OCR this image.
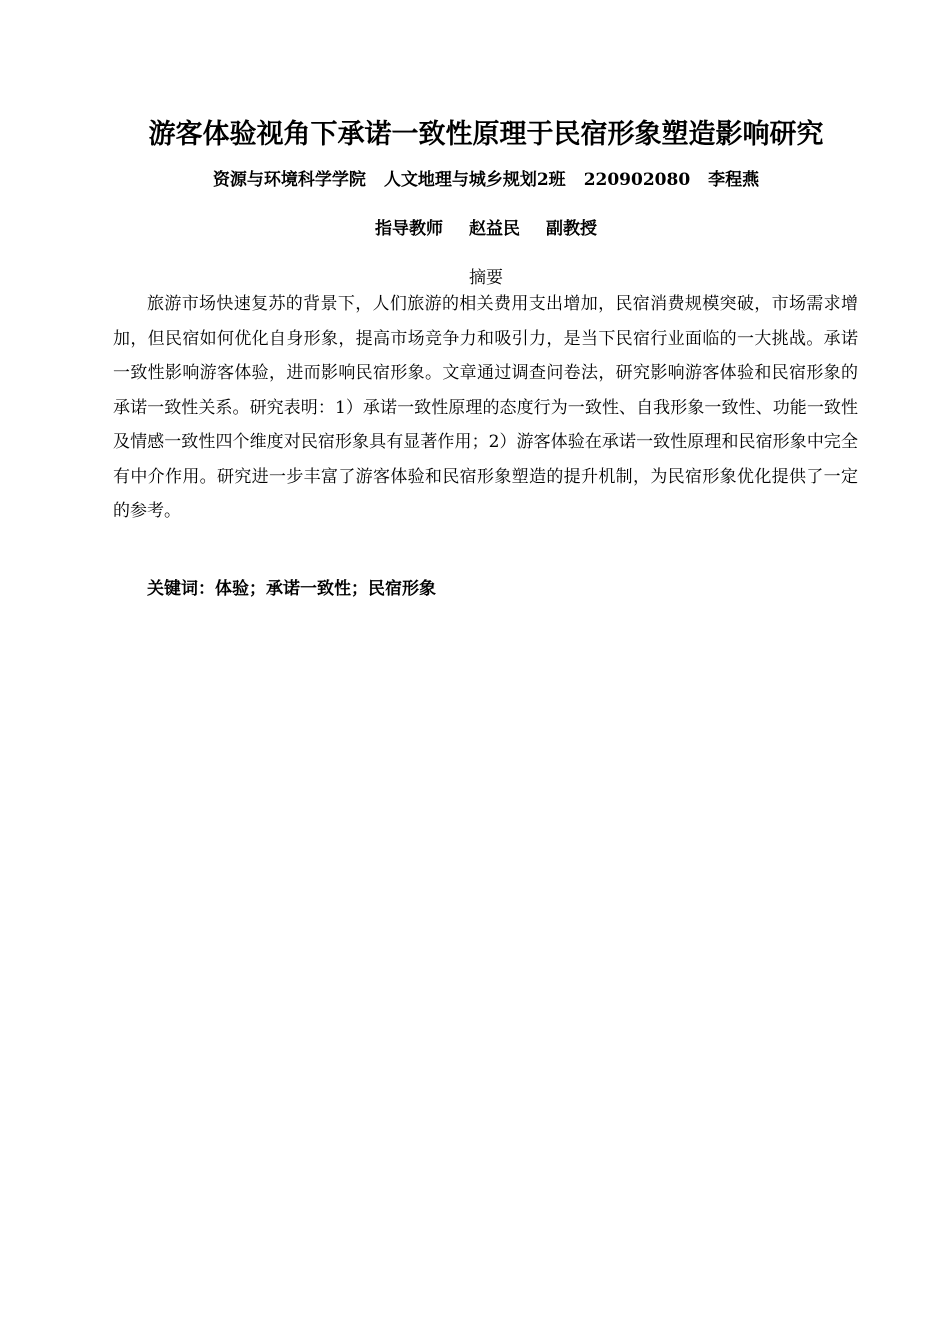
游客体验视角下承诺一致性原理于民宿形象塑造影响研究
资源与环境科学学院 人文地理与城乡规划2班 220902080 李程燕
指导教师 赵益民 副教授
摘要

旅游市场快速复苏的背景下，人们旅游的相关费用支出增加，民宿消费规模突破，市场需求增加，但民宿如何优化自身形象，提高市场竞争力和吸引力，是当下民宿行业面临的一大挑战。承诺一致性影响游客体验，进而影响民宿形象。文章通过调查问卷法，研究影响游客体验和民宿形象的承诺一致性关系。研究表明：1）承诺一致性原理的态度行为一致性、自我形象一致性、功能一致性及情感一致性四个维度对民宿形象具有显著作用；2）游客体验在承诺一致性原理和民宿形象中完全有中介作用。研究进一步丰富了游客体验和民宿形象塑造的提升机制，为民宿形象优化提供了一定的参考。

关键词：体验；承诺一致性；民宿形象
